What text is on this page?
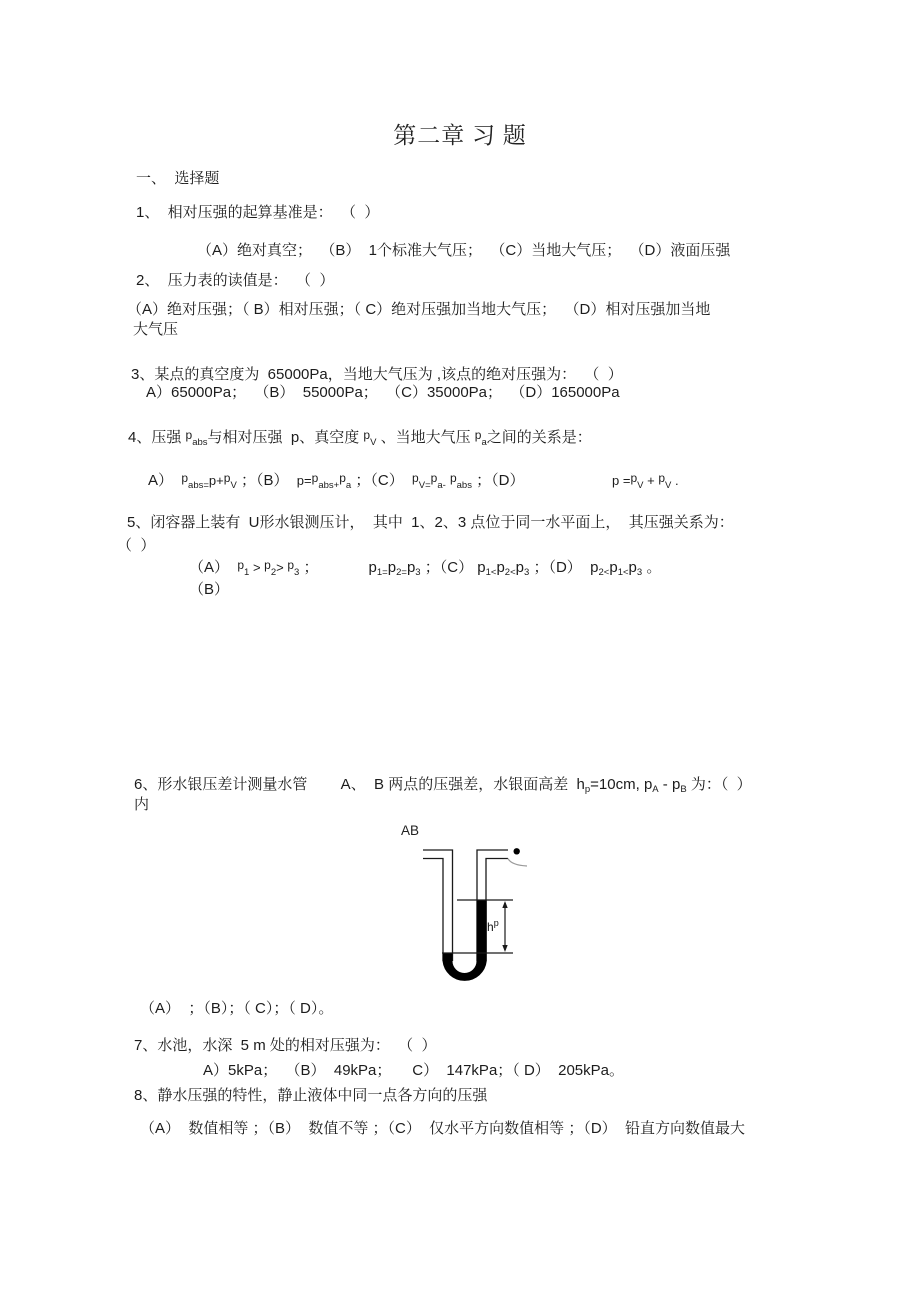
第二章 习 题
一、  选择题
1、  相对压强的起算基准是：  （  ）
（A）绝对真空；  （B）  1个标准大气压；  （C）当地大气压；  （D）液面压强
2、  压力表的读值是：  （  ）
（A）绝对压强；（ B）相对压强；（ C）绝对压强加当地大气压；  （D）相对压强加当地
大气压
3、某点的真空度为  65000Pa，当地大气压为 ,该点的绝对压强为：  （  ）
A）65000Pa；  （B）  55000Pa；  （C）35000Pa；  （D）165000Pa
4、压强 $^p_{abs}$与相对压强  p、真空度 $^p_V$ 、当地大气压 $^p_a$之间的关系是：
A）  $^p_{abs=}$p+$^p_V$ ；（B）  p=$^p_{abs+}^p_a$ ；（C）  $^p_{V=}^p_{a-}$ $^p_{abs}$ ；（D）	p =$^p_V$ + $^p_V$ .
5、闭容器上装有  U形水银测压计，  其中  1、2、3 点位于同一水平面上，  其压强关系为：
（  ）
（A）  $^p_1$ > $^p_2$> $^p_3$ ；	$p_{1=}p_{2=}p_3$ ；（C） $p_{1<}p_{2<}p_3$ ；（D）  $p_{2<}p_{1<}p_3$ 。
（B）
6、形水银压差计测量水管        A、  B 两点的压强差，水银面高差  $h_p=10cm$, $p_A - p_B$ 为：（  ）
内
AB
$h^p$
（A）  ；（B）；（ C）；（ D）。
7、水池，水深  5 m 处的相对压强为：  （  ）
A）5kPa；  （B）  49kPa；     C）  147kPa；（ D）  205kPa。
8、静水压强的特性，静止液体中同一点各方向的压强
（A）  数值相等 ；（B）  数值不等 ；（C）  仅水平方向数值相等 ；（D）  铅直方向数值最大
